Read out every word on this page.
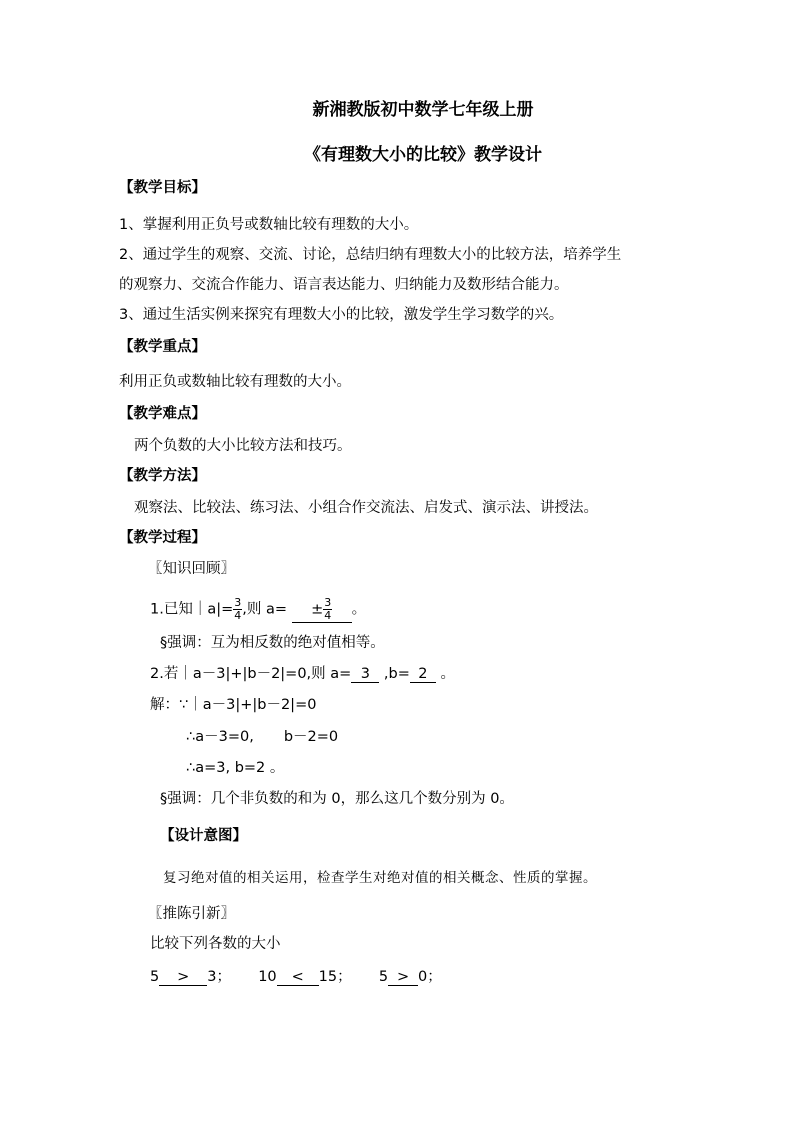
新湘教版初中数学七年级上册
《有理数大小的比较》教学设计
【教学目标】
1、掌握利用正负号或数轴比较有理数的大小。
2、通过学生的观察、交流、讨论，总结归纳有理数大小的比较方法，培养学生
的观察力、交流合作能力、语言表达能力、归纳能力及数形结合能力。
3、通过生活实例来探究有理数大小的比较，激发学生学习数学的兴。
【教学重点】
利用正负或数轴比较有理数的大小。
【教学难点】
两个负数的大小比较方法和技巧。
【教学方法】
观察法、比较法、练习法、小组合作交流法、启发式、演示法、讲授法。
【教学过程】
〖知识回顾〗
1.已知｜a|= $\frac{3}{4}$ ,则 $a= \pm \frac{3}{4}$ 。
§强调：互为相反数的绝对值相等。
2.若｜a－3|+|b－2|=0,则 a= 3 ,b= 2 。
解：∵｜a－3|+|b－2|=0
∴a－3=0, b－2=0
∴a=3, b=2 。
§强调：几个非负数的和为 0，那么这几个数分别为 0。
【设计意图】
复习绝对值的相关运用，检查学生对绝对值的相关概念、性质的掌握。
〖推陈引新〗
比较下列各数的大小
5 > 3； 10 < 15； 5 > 0；
